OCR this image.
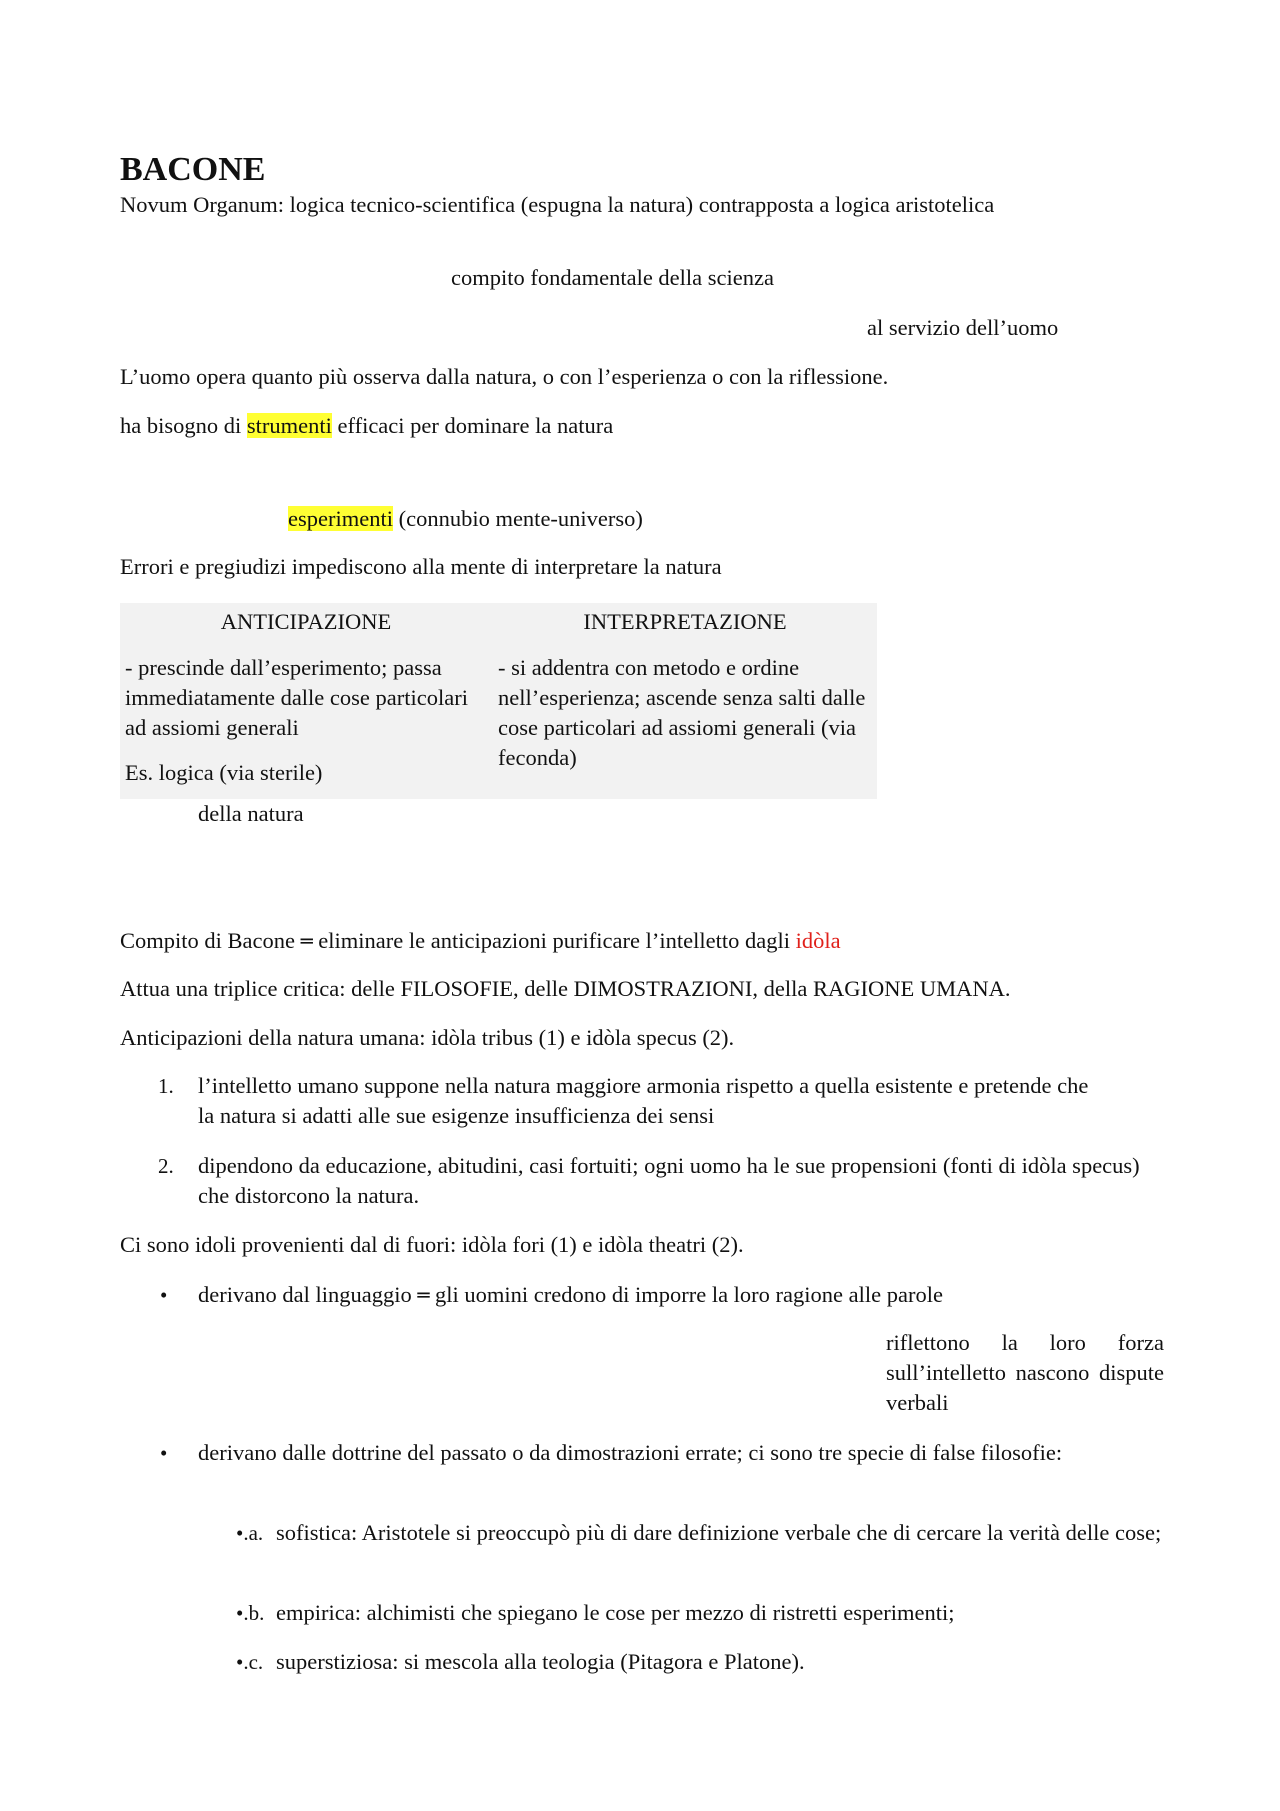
BACONE

Novum Organum: logica tecnico-scientifica (espugna la natura) contrapposta a logica aristotelica

compito fondamentale della scienza

al servizio dell’uomo

L’uomo opera quanto più osserva dalla natura, o con l’esperienza o con la riflessione.

ha bisogno di strumenti efficaci per dominare la natura

esperimenti (connubio mente-universo)

Errori e pregiudizi impediscono alla mente di interpretare la natura

ANTICIPAZIONE
- prescinde dall’esperimento; passa immediatamente dalle cose particolari ad assiomi generali
Es. logica (via sterile)
INTERPRETAZIONE
- si addentra con metodo e ordine nell’esperienza; ascende senza salti dalle cose particolari ad assiomi generali (via feconda)

della natura

Compito di Bacone ═ eliminare le anticipazioni purificare l’intelletto dagli idòla

Attua una triplice critica: delle FILOSOFIE, delle DIMOSTRAZIONI, della RAGIONE UMANA.

Anticipazioni della natura umana: idòla tribus (1) e idòla specus (2).

1. l’intelletto umano suppone nella natura maggiore armonia rispetto a quella esistente e pretende che la natura si adatti alle sue esigenze insufficienza dei sensi

2. dipendono da educazione, abitudini, casi fortuiti; ogni uomo ha le sue propensioni (fonti di idòla specus) che distorcono la natura.

Ci sono idoli provenienti dal di fuori: idòla fori (1) e idòla theatri (2).

• derivano dal linguaggio ═ gli uomini credono di imporre la loro ragione alle parole

riflettono la loro forza sull’intelletto nascono dispute verbali

• derivano dalle dottrine del passato o da dimostrazioni errate; ci sono tre specie di false filosofie:

•.a. sofistica: Aristotele si preoccupò più di dare definizione verbale che di cercare la verità delle cose;

•.b. empirica: alchimisti che spiegano le cose per mezzo di ristretti esperimenti;

•.c. superstiziosa: si mescola alla teologia (Pitagora e Platone).
